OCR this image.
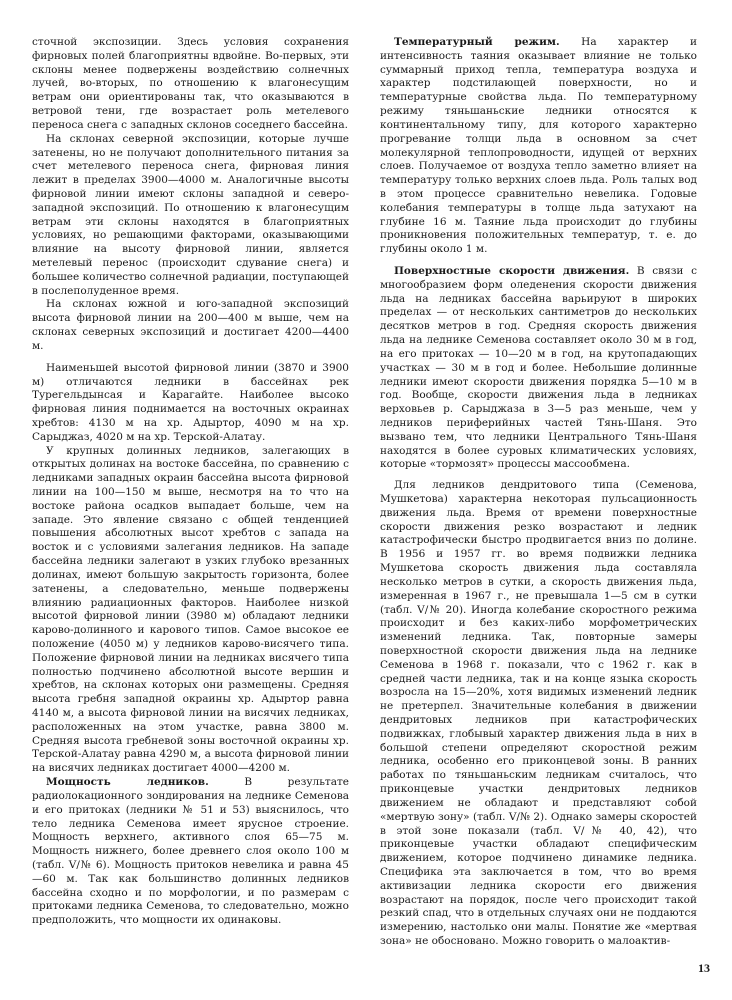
сточной экспозиции. Здесь условия сохранения фирновых полей благоприятны вдвойне. Во-первых, эти склоны менее подвержены воздействию солнечных лучей, во-вторых, по отношению к влагонесущим ветрам они ориентированы так, что оказываются в ветровой тени, где возрастает роль метелевого переноса снега с западных склонов соседнего бассейна.

На склонах северной экспозиции, которые лучше затенены, но не получают дополнительного питания за счет метелевого переноса снега, фирновая линия лежит в пределах 3900—4000 м. Аналогичные высоты фирновой линии имеют склоны западной и северо-западной экспозиций. По отношению к влагонесущим ветрам эти склоны находятся в благоприятных условиях, но решающими факторами, оказывающими влияние на высоту фирновой линии, является метелевый перенос (происходит сдувание снега) и большее количество солнечной радиации, поступающей в послеполуденное время.

На склонах южной и юго-западной экспозиций высота фирновой линии на 200—400 м выше, чем на склонах северных экспозиций и достигает 4200—4400 м.

Наименьшей высотой фирновой линии (3870 и 3900 м) отличаются ледники в бассейнах рек Турегельдынсая и Карагайте. Наиболее высоко фирновая линия поднимается на восточных окраинах хребтов: 4130 м на хр. Адыртор, 4090 м на хр. Сарыджаз, 4020 м на хр. Терской-Алатау.

У крупных долинных ледников, залегающих в открытых долинах на востоке бассейна, по сравнению с ледниками западных окраин бассейна высота фирновой линии на 100—150 м выше, несмотря на то что на востоке района осадков выпадает больше, чем на западе. Это явление связано с общей тенденцией повышения абсолютных высот хребтов с запада на восток и с условиями залегания ледников. На западе бассейна ледники залегают в узких глубоко врезанных долинах, имеют большую закрытость горизонта, более затенены, а следовательно, меньше подвержены влиянию радиационных факторов. Наиболее низкой высотой фирновой линии (3980 м) обладают ледники карово-долинного и карового типов. Самое высокое ее положение (4050 м) у ледников карово-висячего типа. Положение фирновой линии на ледниках висячего типа полностью подчинено абсолютной высоте вершин и хребтов, на склонах которых они размещены. Средняя высота гребня западной окраины хр. Адыртор равна 4140 м, а высота фирновой линии на висячих ледниках, расположенных на этом участке, равна 3800 м. Средняя высота гребневой зоны восточной окраины хр. Терской-Алатау равна 4290 м, а высота фирновой линии на висячих ледниках достигает 4000—4200 м.

Мощность ледников. В результате радиолокационного зондирования на леднике Семенова и его притоках (ледники № 51 и 53) выяснилось, что тело ледника Семенова имеет ярусное строение. Мощность верхнего, активного слоя 65—75 м. Мощность нижнего, более древнего слоя около 100 м (табл. V/№ 6). Мощность притоков невелика и равна 45—60 м. Так как большинство долинных ледников бассейна сходно и по морфологии, и по размерам с притоками ледника Семенова, то следовательно, можно предположить, что мощности их одинаковы.

Температурный режим. На характер и интенсивность таяния оказывает влияние не только суммарный приход тепла, температура воздуха и характер подстилающей поверхности, но и температурные свойства льда. По температурному режиму тяньшаньские ледники относятся к континентальному типу, для которого характерно прогревание толщи льда в основном за счет молекулярной теплопроводности, идущей от верхних слоев. Получаемое от воздуха тепло заметно влияет на температуру только верхних слоев льда. Роль талых вод в этом процессе сравнительно невелика. Годовые колебания температуры в толще льда затухают на глубине 16 м. Таяние льда происходит до глубины проникновения положительных температур, т. е. до глубины около 1 м.

Поверхностные скорости движения. В связи с многообразием форм оледенения скорости движения льда на ледниках бассейна варьируют в широких пределах — от нескольких сантиметров до нескольких десятков метров в год. Средняя скорость движения льда на леднике Семенова составляет около 30 м в год, на его притоках — 10—20 м в год, на крутопадающих участках — 30 м в год и более. Небольшие долинные ледники имеют скорости движения порядка 5—10 м в год. Вообще, скорости движения льда в ледниках верховьев р. Сарыджаза в 3—5 раз меньше, чем у ледников периферийных частей Тянь-Шаня. Это вызвано тем, что ледники Центрального Тянь-Шаня находятся в более суровых климатических условиях, которые «тормозят» процессы массообмена.

Для ледников дендритового типа (Семенова, Мушкетова) характерна некоторая пульсационность движения льда. Время от времени поверхностные скорости движения резко возрастают и ледник катастрофически быстро продвигается вниз по долине. В 1956 и 1957 гг. во время подвижки ледника Мушкетова скорость движения льда составляла несколько метров в сутки, а скорость движения льда, измеренная в 1967 г., не превышала 1—5 см в сутки (табл. V/№ 20). Иногда колебание скоростного режима происходит и без каких-либо морфометрических изменений ледника. Так, повторные замеры поверхностной скорости движения льда на леднике Семенова в 1968 г. показали, что с 1962 г. как в средней части ледника, так и на конце языка скорость возросла на 15—20%, хотя видимых изменений ледник не претерпел. Значительные колебания в движении дендритовых ледников при катастрофических подвижках, глобывый характер движения льда в них в большой степени определяют скоростной режим ледника, особенно его приконцевой зоны. В ранних работах по тяньшаньским ледникам считалось, что приконцевые участки дендритовых ледников движением не обладают и представляют собой «мертвую зону» (табл. V/№ 2). Однако замеры скоростей в этой зоне показали (табл. V/№ 40, 42), что приконцевые участки обладают специфическим движением, которое подчинено динамике ледника. Специфика эта заключается в том, что во время активизации ледника скорости его движения возрастают на порядок, после чего происходит такой резкий спад, что в отдельных случаях они не поддаются измерению, настолько они малы. Понятие же «мертвая зона» не обосновано. Можно говорить о малоактив-

13
